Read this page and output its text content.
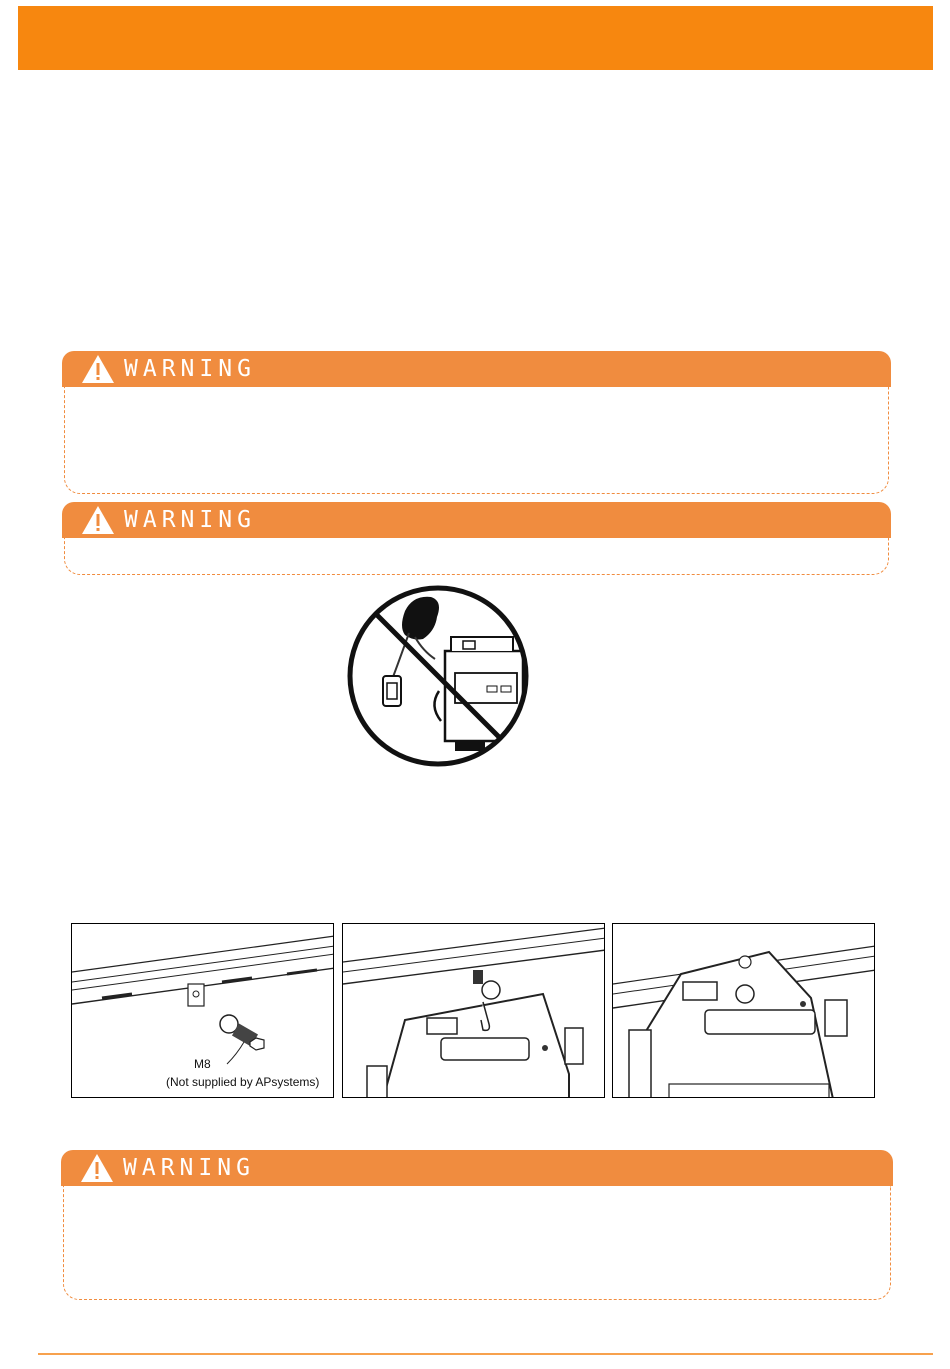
WARNING
WARNING
M8
(Not supplied by APsystems)
WARNING
